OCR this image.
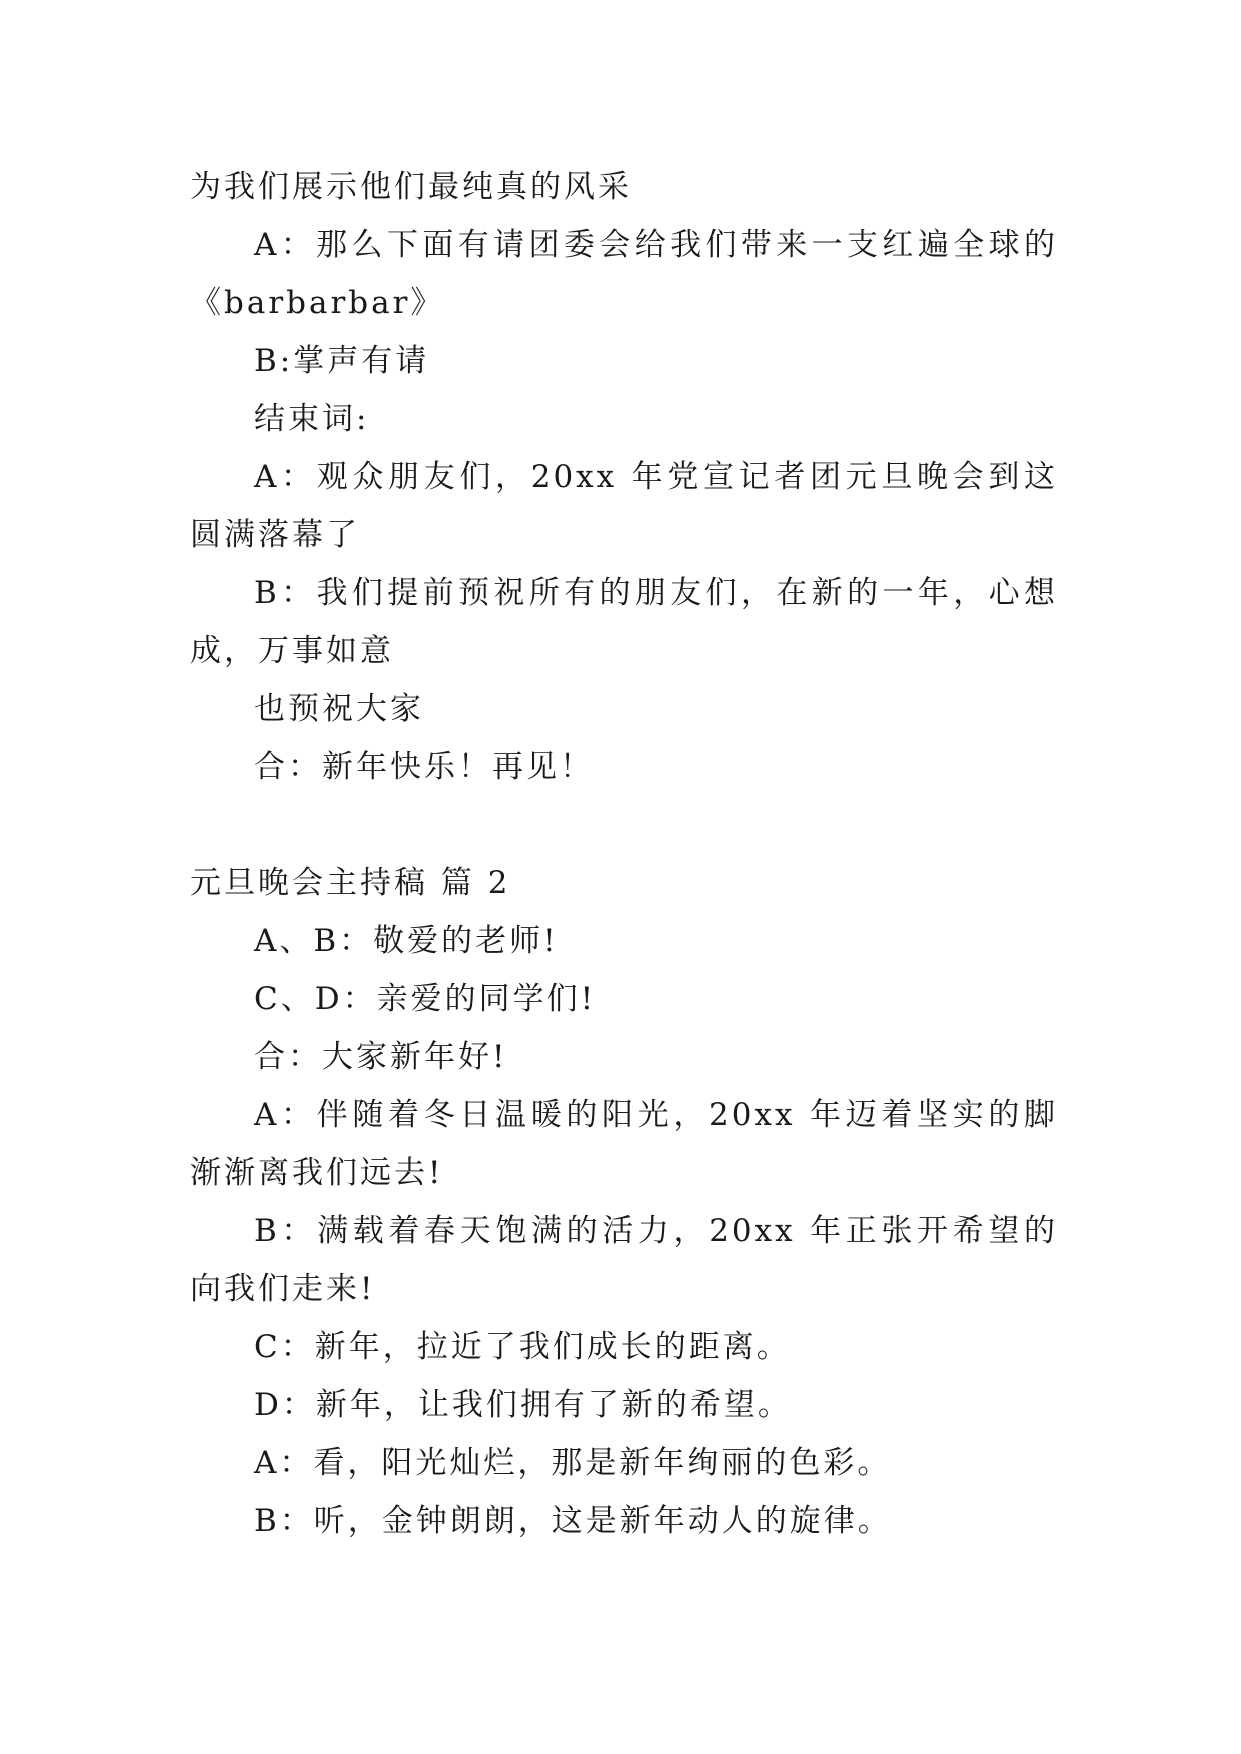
为我们展示他们最纯真的风采

A：那么下面有请团委会给我们带来一支红遍全球的

《barbarbar》

B:掌声有请

结束词:

A：观众朋友们，20xx 年党宣记者团元旦晚会到这

圆满落幕了

B：我们提前预祝所有的朋友们，在新的一年，心想

成，万事如意

也预祝大家

合：新年快乐！再见！

元旦晚会主持稿 篇 2

A、B：敬爱的老师!

C、D：亲爱的同学们!

合：大家新年好!

A：伴随着冬日温暖的阳光，20xx 年迈着坚实的脚

渐渐离我们远去!

B：满载着春天饱满的活力，20xx 年正张开希望的

向我们走来!

C：新年，拉近了我们成长的距离。

D：新年，让我们拥有了新的希望。

A：看，阳光灿烂，那是新年绚丽的色彩。

B：听，金钟朗朗，这是新年动人的旋律。
